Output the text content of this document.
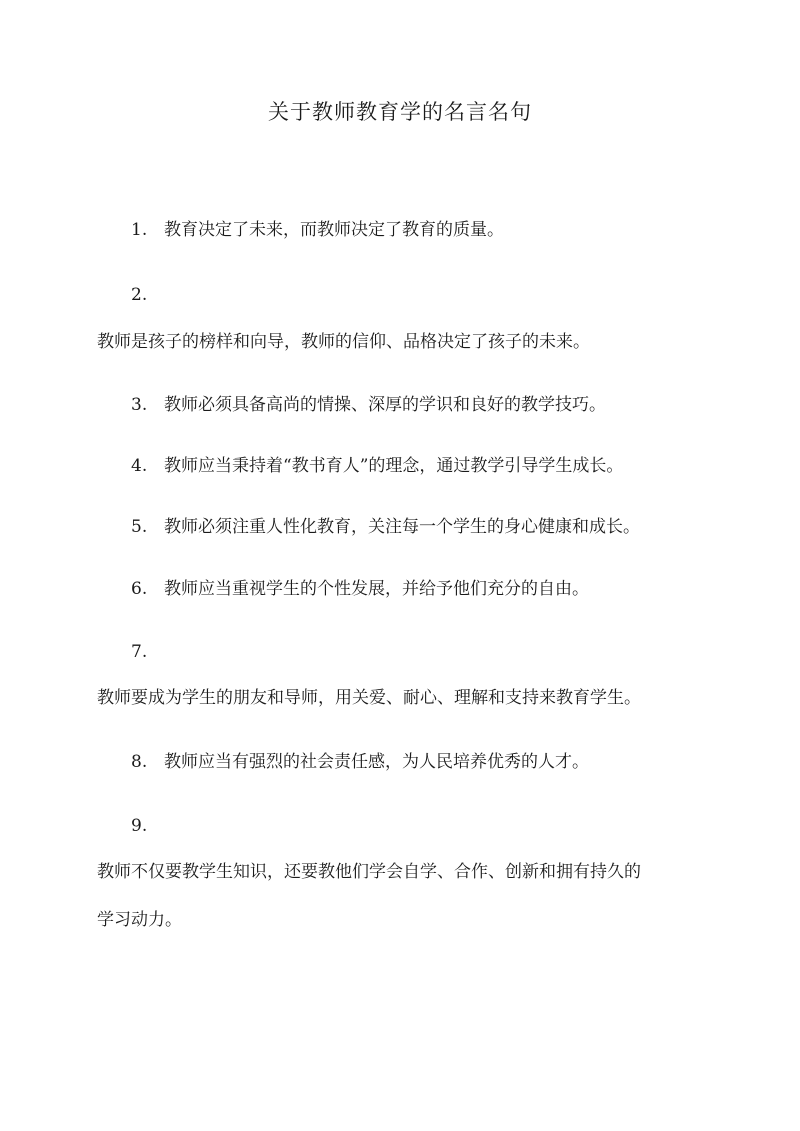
关于教师教育学的名言名句

1. 教育决定了未来，而教师决定了教育的质量。

2.

教师是孩子的榜样和向导，教师的信仰、品格决定了孩子的未来。

3. 教师必须具备高尚的情操、深厚的学识和良好的教学技巧。

4. 教师应当秉持着“教书育人”的理念，通过教学引导学生成长。

5. 教师必须注重人性化教育，关注每一个学生的身心健康和成长。

6. 教师应当重视学生的个性发展，并给予他们充分的自由。

7.

教师要成为学生的朋友和导师，用关爱、耐心、理解和支持来教育学生。

8. 教师应当有强烈的社会责任感，为人民培养优秀的人才。

9.

教师不仅要教学生知识，还要教他们学会自学、合作、创新和拥有持久的

学习动力。
